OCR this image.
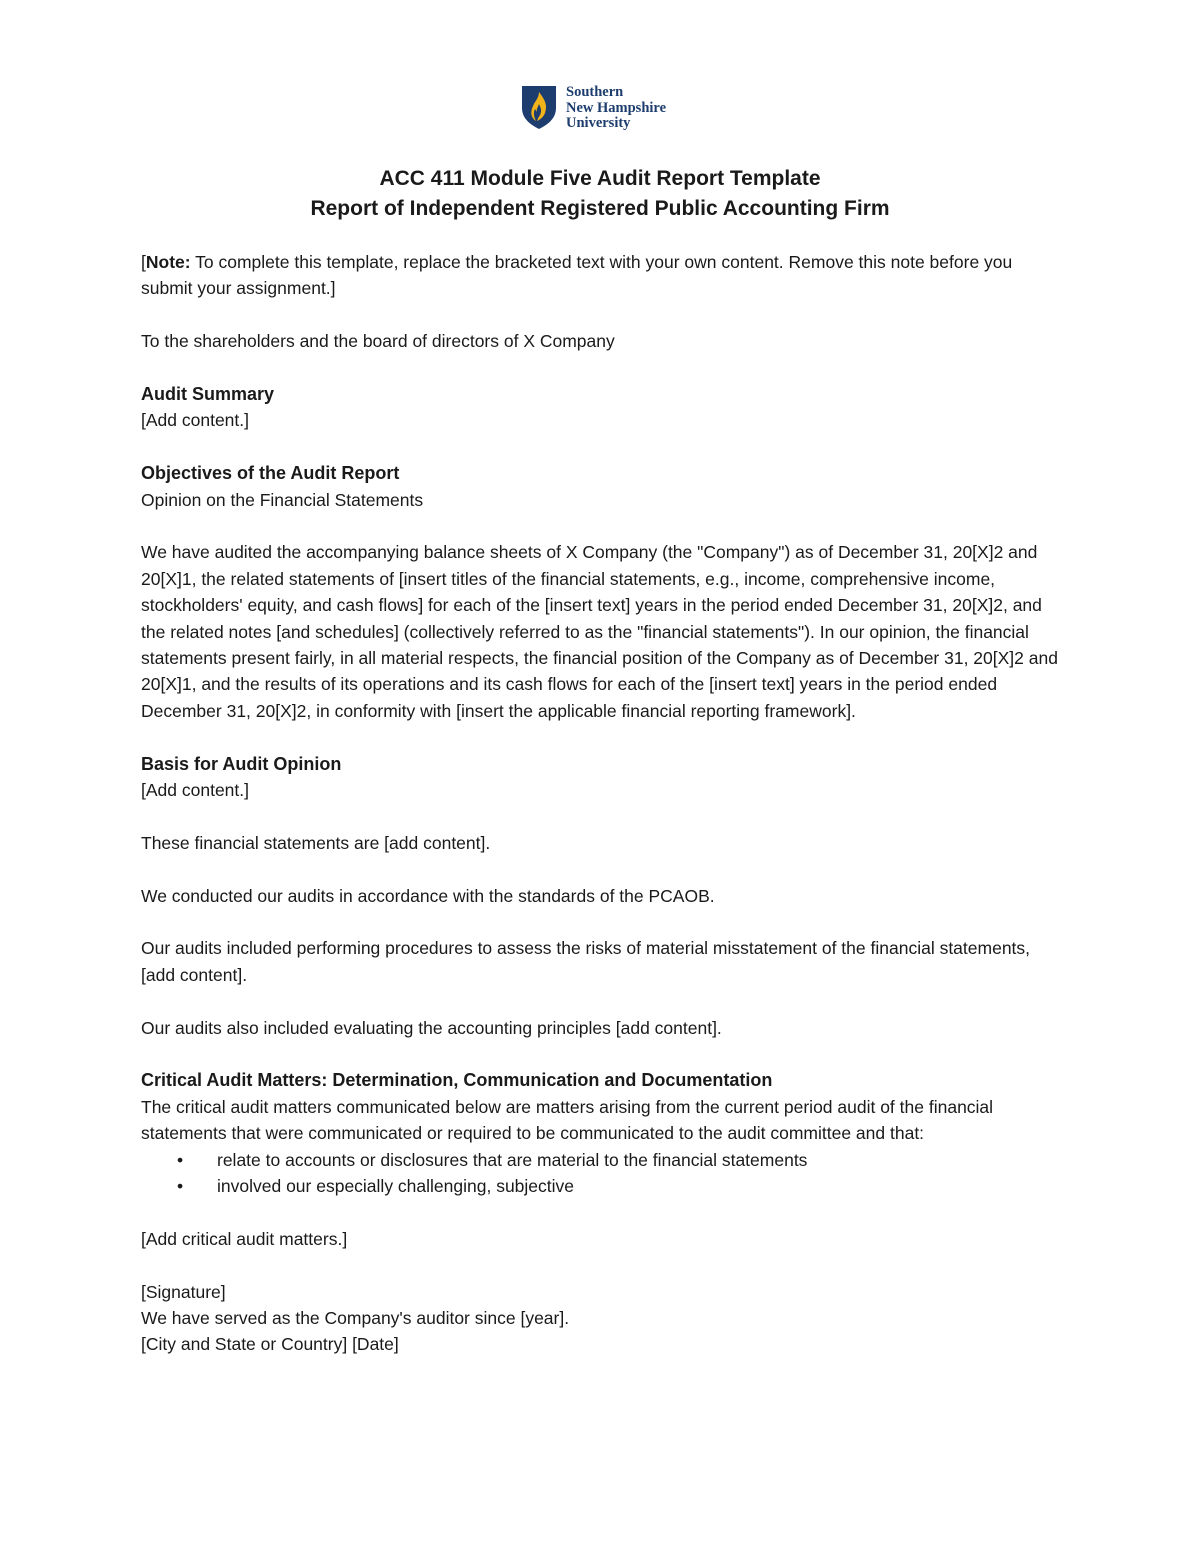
Southern
New Hampshire
University
ACC 411 Module Five Audit Report Template
Report of Independent Registered Public Accounting Firm

[Note: To complete this template, replace the bracketed text with your own content. Remove this note before you submit your assignment.]

To the shareholders and the board of directors of X Company

Audit Summary

[Add content.]

Objectives of the Audit Report

Opinion on the Financial Statements

We have audited the accompanying balance sheets of X Company (the "Company") as of December 31, 20[X]2 and 20[X]1, the related statements of [insert titles of the financial statements, e.g., income, comprehensive income, stockholders' equity, and cash flows] for each of the [insert text] years in the period ended December 31, 20[X]2, and the related notes [and schedules] (collectively referred to as the "financial statements"). In our opinion, the financial statements present fairly, in all material respects, the financial position of the Company as of December 31, 20[X]2 and 20[X]1, and the results of its operations and its cash flows for each of the [insert text] years in the period ended December 31, 20[X]2, in conformity with [insert the applicable financial reporting framework].

Basis for Audit Opinion

[Add content.]

These financial statements are [add content].

We conducted our audits in accordance with the standards of the PCAOB.

Our audits included performing procedures to assess the risks of material misstatement of the financial statements, [add content].

Our audits also included evaluating the accounting principles [add content].

Critical Audit Matters: Determination, Communication and Documentation

The critical audit matters communicated below are matters arising from the current period audit of the financial statements that were communicated or required to be communicated to the audit committee and that:

• relate to accounts or disclosures that are material to the financial statements
• involved our especially challenging, subjective

[Add critical audit matters.]

[Signature]

We have served as the Company's auditor since [year].

[City and State or Country] [Date]
